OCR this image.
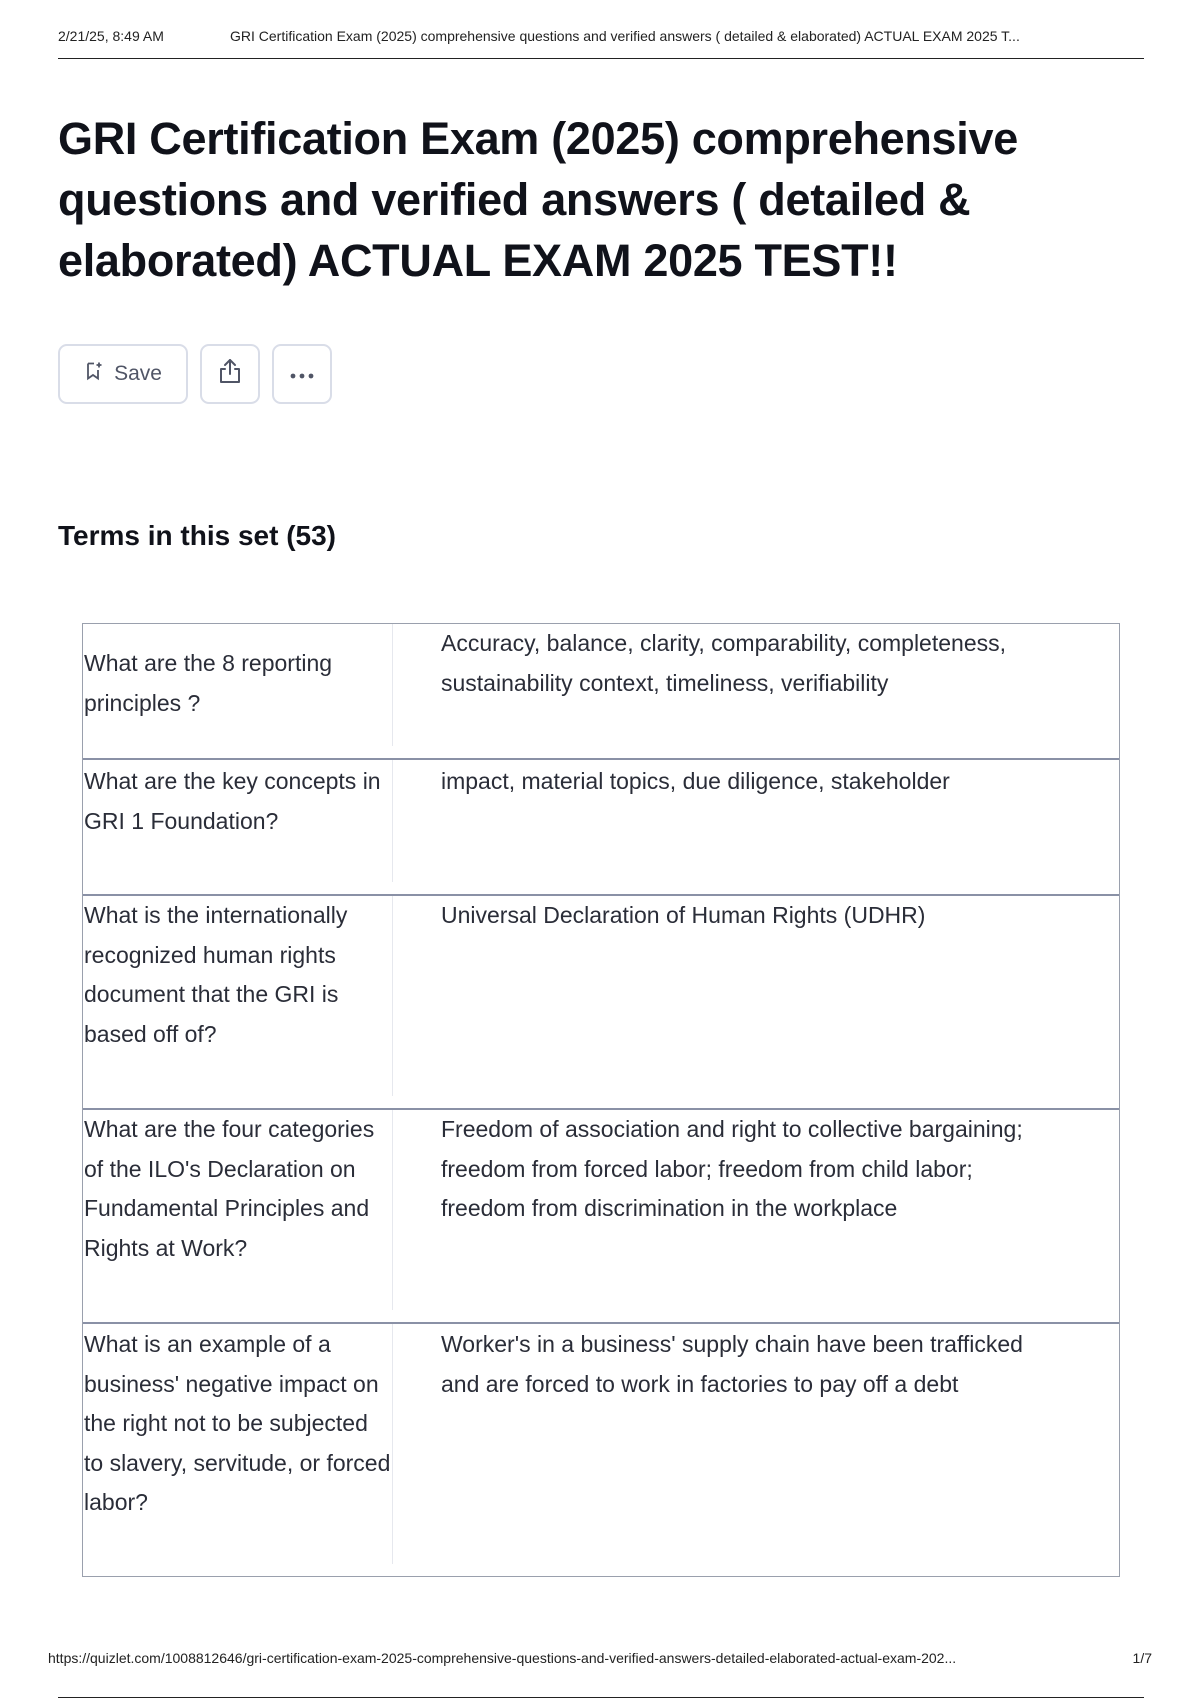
2/21/25, 8:49 AM	GRI Certification Exam (2025) comprehensive questions and verified answers ( detailed & elaborated) ACTUAL EXAM 2025 T...
GRI Certification Exam (2025) comprehensive questions and verified answers ( detailed & elaborated) ACTUAL EXAM 2025 TEST!!
Save
Terms in this set (53)
What are the 8 reporting principles ?
Accuracy, balance, clarity, comparability, completeness, sustainability context, timeliness, verifiability
What are the key concepts in GRI 1 Foundation?
impact, material topics, due diligence, stakeholder
What is the internationally recognized human rights document that the GRI is based off of?
Universal Declaration of Human Rights (UDHR)
What are the four categories of the ILO's Declaration on Fundamental Principles and Rights at Work?
Freedom of association and right to collective bargaining; freedom from forced labor; freedom from child labor; freedom from discrimination in the workplace
What is an example of a business' negative impact on the right not to be subjected to slavery, servitude, or forced labor?
Worker's in a business' supply chain have been trafficked and are forced to work in factories to pay off a debt
https://quizlet.com/1008812646/gri-certification-exam-2025-comprehensive-questions-and-verified-answers-detailed-elaborated-actual-exam-202...	1/7
